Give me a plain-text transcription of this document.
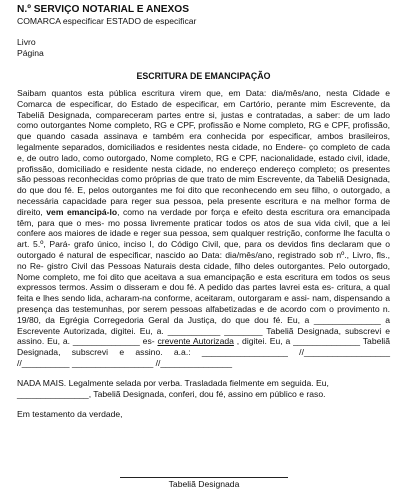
N.º SERVIÇO NOTARIAL E ANEXOS
COMARCA especificar ESTADO de especificar
Livro
Página
ESCRITURA DE EMANCIPAÇÃO
Saibam quantos esta pública escritura virem que, em Data: dia/mês/ano, nesta Cidade e Comarca de especificar, do Estado de especificar, em Cartório, perante mim Escrevente, da Tabeliã Designada, compareceram partes entre si, justas e contratadas, a saber: de um lado como outorgantes Nome completo, RG e CPF, profissão e Nome completo, RG e CPF, profissão, que quando casada assinava e também era conhecida por especificar, ambos brasileiros, legalmente separados, domiciliados e residentes nesta cidade, no Endere- ço completo de cada e, de outro lado, como outorgado, Nome completo, RG e CPF, nacionalidade, estado civil, idade, profissão, domiciliado e residente nesta cidade, no endereço endereço completo; os presentes são pessoas reconhecidas como próprias de que trato de mim Escrevente, da Tabeliã Designada, do que dou fé. E, pelos outorgantes me foi dito que reconhecendo em seu filho, o outorgado, a necessária capacidade para reger sua pessoa, pela presente escritura e na melhor forma de direito, vem emancipá-lo, como na verdade por força e efeito desta escritura ora emancipada têm, para que o mes- mo possa livremente praticar todos os atos de sua vida civil, que a lei confere aos maiores de idade e reger sua pessoa, sem qualquer restrição, conforme lhe faculta o art. 5.º, Pará- grafo único, inciso I, do Código Civil, que, para os devidos fins declaram que o outorgado é natural de especificar, nascido ao Data: dia/mês/ano, registrado sob nº., Livro, fls., no Re- gistro Civil das Pessoas Naturais desta cidade, filho deles outorgantes. Pelo outorgado, Nome completo, me foi dito que aceitava a sua emancipação e esta escritura em todos os seus expressos termos. Assim o disseram e dou fé. A pedido das partes lavrei esta es- critura, a qual feita e lhes sendo lida, acharam-na conforme, aceitaram, outorgaram e assi- nam, dispensando a presença das testemunhas, por serem pessoas alfabetizadas e de acordo com o provimento n. 19/80, da Egrégia Corregedoria Geral da Justiça, do que dou fé. Eu, a ______________ a Escrevente Autorizada, digitei. Eu, a. ___________ ________ Tabeliã Designada, subscrevi e assino. Eu, a. ______________ es- crevente Autorizada , digitei. Eu, a ______________ Tabeliã Designada, subscrevi e assino. a.a.: __________________ //__________________ //__________ _________________ //_______________
NADA MAIS. Legalmente selada por verba. Trasladada fielmente em seguida. Eu,
_______________, Tabeliã Designada, conferi, dou fé, assino em público e raso.
Em testamento da verdade,
Tabeliã Designada
